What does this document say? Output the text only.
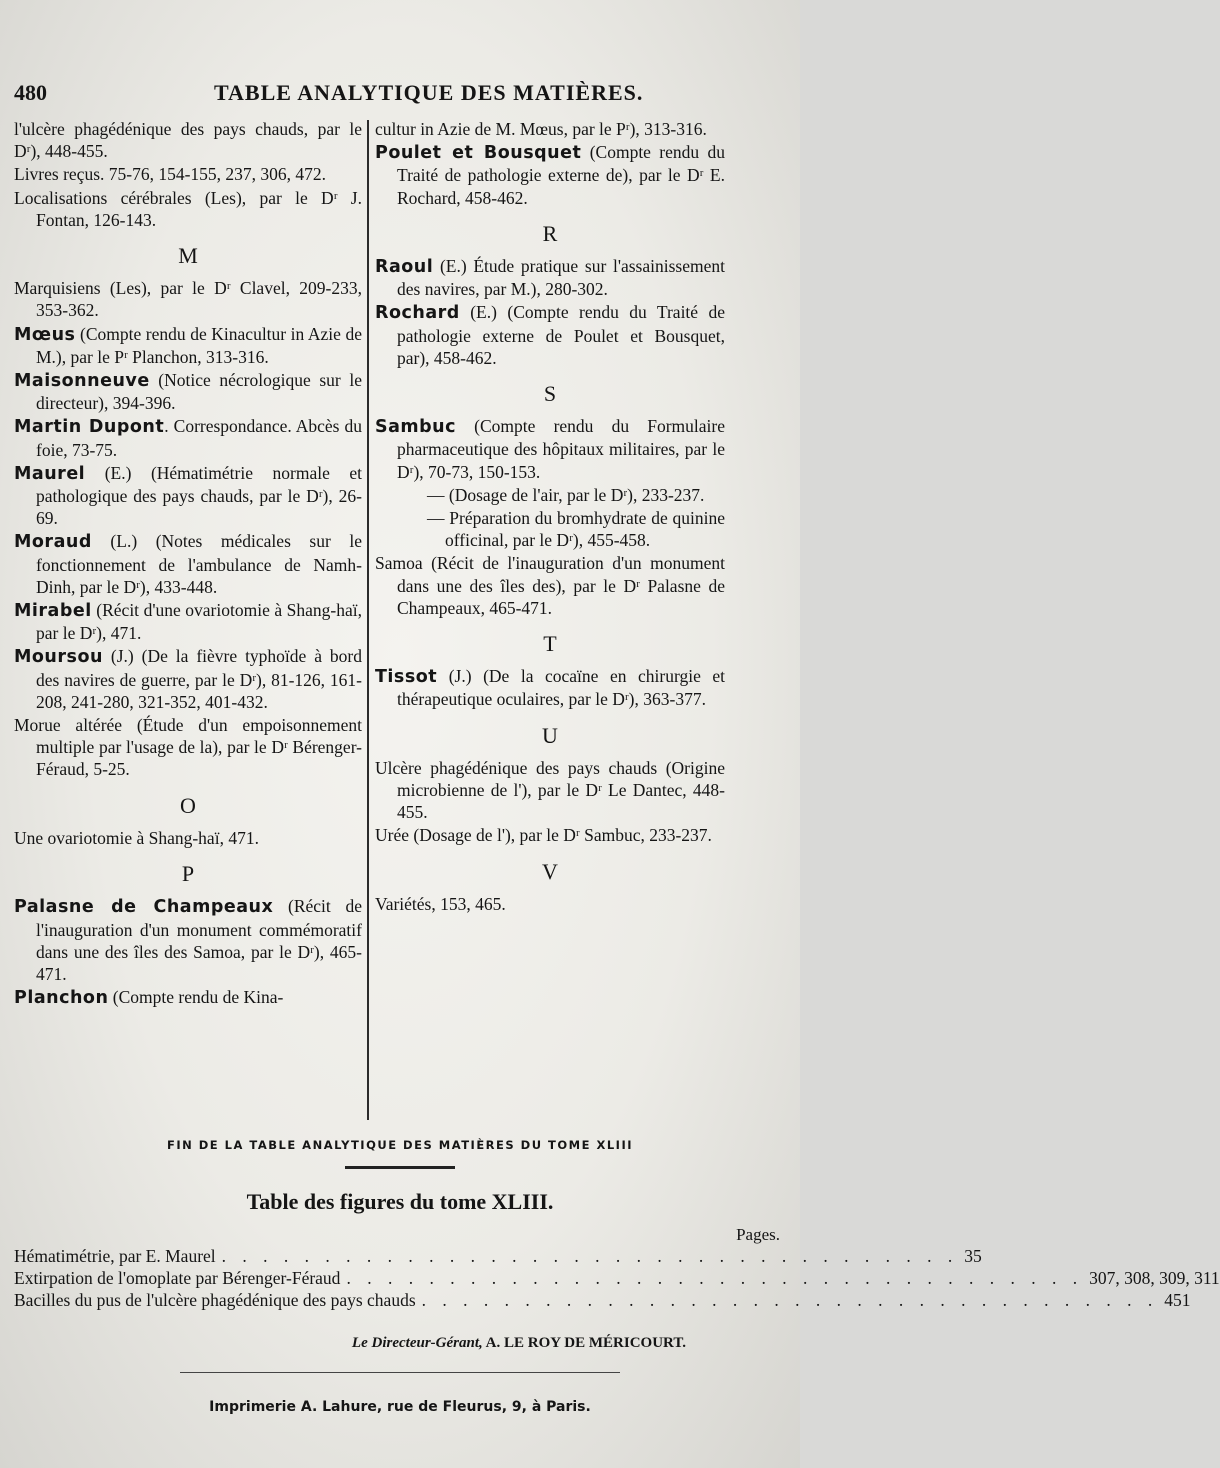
480	TABLE ANALYTIQUE DES MATIÈRES.
l'ulcère phagédénique des pays chauds, par le Dʳ), 448-455.
Livres reçus. 75-76, 154-155, 237, 306, 472.
Localisations cérébrales (Les), par le Dʳ J. Fontan, 126-143.
M
Marquisiens (Les), par le Dʳ Clavel, 209-233, 353-362.
Mœus (Compte rendu de Kinacultur in Azie de M.), par le Pʳ Planchon, 313-316.
Maisonneuve (Notice nécrologique sur le directeur), 394-396.
Martin Dupont. Correspondance. Abcès du foie, 73-75.
Maurel (E.) (Hématimétrie normale et pathologique des pays chauds, par le Dʳ), 26-69.
Moraud (L.) (Notes médicales sur le fonctionnement de l'ambulance de Namh-Dinh, par le Dʳ), 433-448.
Mirabel (Récit d'une ovariotomie à Shang-haï, par le Dʳ), 471.
Moursou (J.) (De la fièvre typhoïde à bord des navires de guerre, par le Dʳ), 81-126, 161-208, 241-280, 321-352, 401-432.
Morue altérée (Étude d'un empoisonnement multiple par l'usage de la), par le Dʳ Bérenger-Féraud, 5-25.
O
Une ovariotomie à Shang-haï, 471.
P
Palasne de Champeaux (Récit de l'inauguration d'un monument commémoratif dans une des îles des Samoa, par le Dʳ), 465-471.
Planchon (Compte rendu de Kina-
cultur in Azie de M. Mœus, par le Pʳ), 313-316.
Poulet et Bousquet (Compte rendu du Traité de pathologie externe de), par le Dʳ E. Rochard, 458-462.
R
Raoul (E.) Étude pratique sur l'assainissement des navires, par M.), 280-302.
Rochard (E.) (Compte rendu du Traité de pathologie externe de Poulet et Bousquet, par), 458-462.
S
Sambuc (Compte rendu du Formulaire pharmaceutique des hôpitaux militaires, par le Dʳ), 70-73, 150-153.
— (Dosage de l'air, par le Dʳ), 233-237.
— Préparation du bromhydrate de quinine officinal, par le Dʳ), 455-458.
Samoa (Récit de l'inauguration d'un monument dans une des îles des), par le Dʳ Palasne de Champeaux, 465-471.
T
Tissot (J.) (De la cocaïne en chirurgie et thérapeutique oculaires, par le Dʳ), 363-377.
U
Ulcère phagédénique des pays chauds (Origine microbienne de l'), par le Dʳ Le Dantec, 448-455.
Urée (Dosage de l'), par le Dʳ Sambuc, 233-237.
V
Variétés, 153, 465.
FIN DE LA TABLE ANALYTIQUE DES MATIÈRES DU TOME XLIII
Table des figures du tome XLIII.
Pages.
Hématimétrie, par E. Maurel . . . . . . . . . . . . . . . . . . . . . . . . . . . . . . . . . . . . 35
Extirpation de l'omoplate par Bérenger-Féraud . . . . . . . . . . . . . . . . . . . . . . . . . . . . . . . . . . . . 307, 308, 309, 311
Bacilles du pus de l'ulcère phagédénique des pays chauds . . . . . . . . . . . . . . . . . . . . . . . . . . . . . . . . . . . . 451
Le Directeur-Gérant, A. LE ROY DE MÉRICOURT.
Imprimerie A. Lahure, rue de Fleurus, 9, à Paris.
